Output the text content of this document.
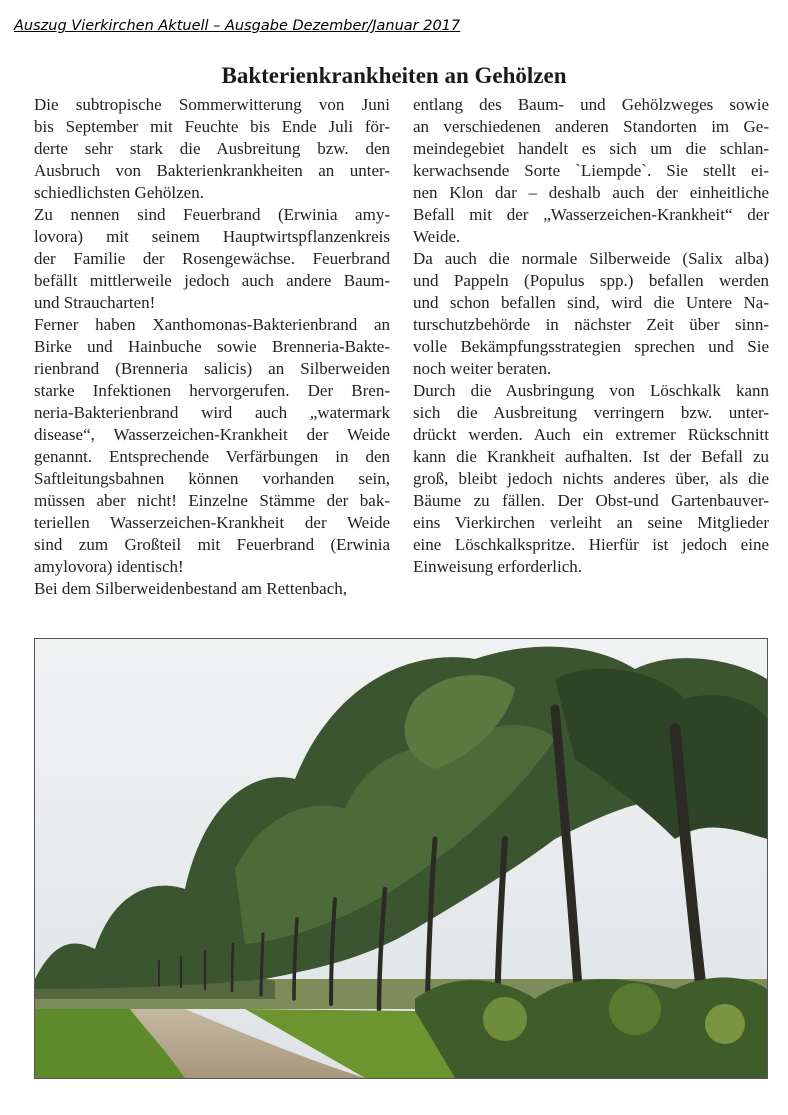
Auszug Vierkirchen Aktuell – Ausgabe Dezember/Januar 2017
Bakterienkrankheiten an Gehölzen

Die subtropische Sommerwitterung von Juni

bis September mit Feuchte bis Ende Juli för-

derte sehr stark die Ausbreitung bzw. den

Ausbruch von Bakterienkrankheiten an unter-

schiedlichsten Gehölzen.

Zu nennen sind Feuerbrand (Erwinia amy-

lovora) mit seinem Hauptwirtspflanzenkreis

der Familie der Rosengewächse. Feuerbrand

befällt mittlerweile jedoch auch andere Baum-

und Straucharten!

Ferner haben Xanthomonas-Bakterienbrand an

Birke und Hainbuche sowie Brenneria-Bakte-

rienbrand (Brenneria salicis) an Silberweiden

starke Infektionen hervorgerufen. Der Bren-

neria-Bakterienbrand wird auch „watermark

disease“, Wasserzeichen-Krankheit der Weide

genannt. Entsprechende Verfärbungen in den

Saftleitungsbahnen können vorhanden sein,

müssen aber nicht! Einzelne Stämme der bak-

teriellen Wasserzeichen-Krankheit der Weide

sind zum Großteil mit Feuerbrand (Erwinia

amylovora) identisch!

Bei dem Silberweidenbestand am Rettenbach,

entlang des Baum- und Gehölzweges sowie

an verschiedenen anderen Standorten im Ge-

meindegebiet handelt es sich um die schlan-

kerwachsende Sorte `Liempde`. Sie stellt ei-

nen Klon dar – deshalb auch der einheitliche

Befall mit der „Wasserzeichen-Krankheit“ der

Weide.

Da auch die normale Silberweide (Salix alba)

und Pappeln (Populus spp.) befallen werden

und schon befallen sind, wird die Untere Na-

turschutzbehörde in nächster Zeit über sinn-

volle Bekämpfungsstrategien sprechen und Sie

noch weiter beraten.

Durch die Ausbringung von Löschkalk kann

sich die Ausbreitung verringern bzw. unter-

drückt werden. Auch ein extremer Rückschnitt

kann die Krankheit aufhalten. Ist der Befall zu

groß, bleibt jedoch nichts anderes über, als die

Bäume zu fällen. Der Obst-und Gartenbauver-

eins Vierkirchen verleiht an seine Mitglieder

eine Löschkalkspritze. Hierfür ist jedoch eine

Einweisung erforderlich.
